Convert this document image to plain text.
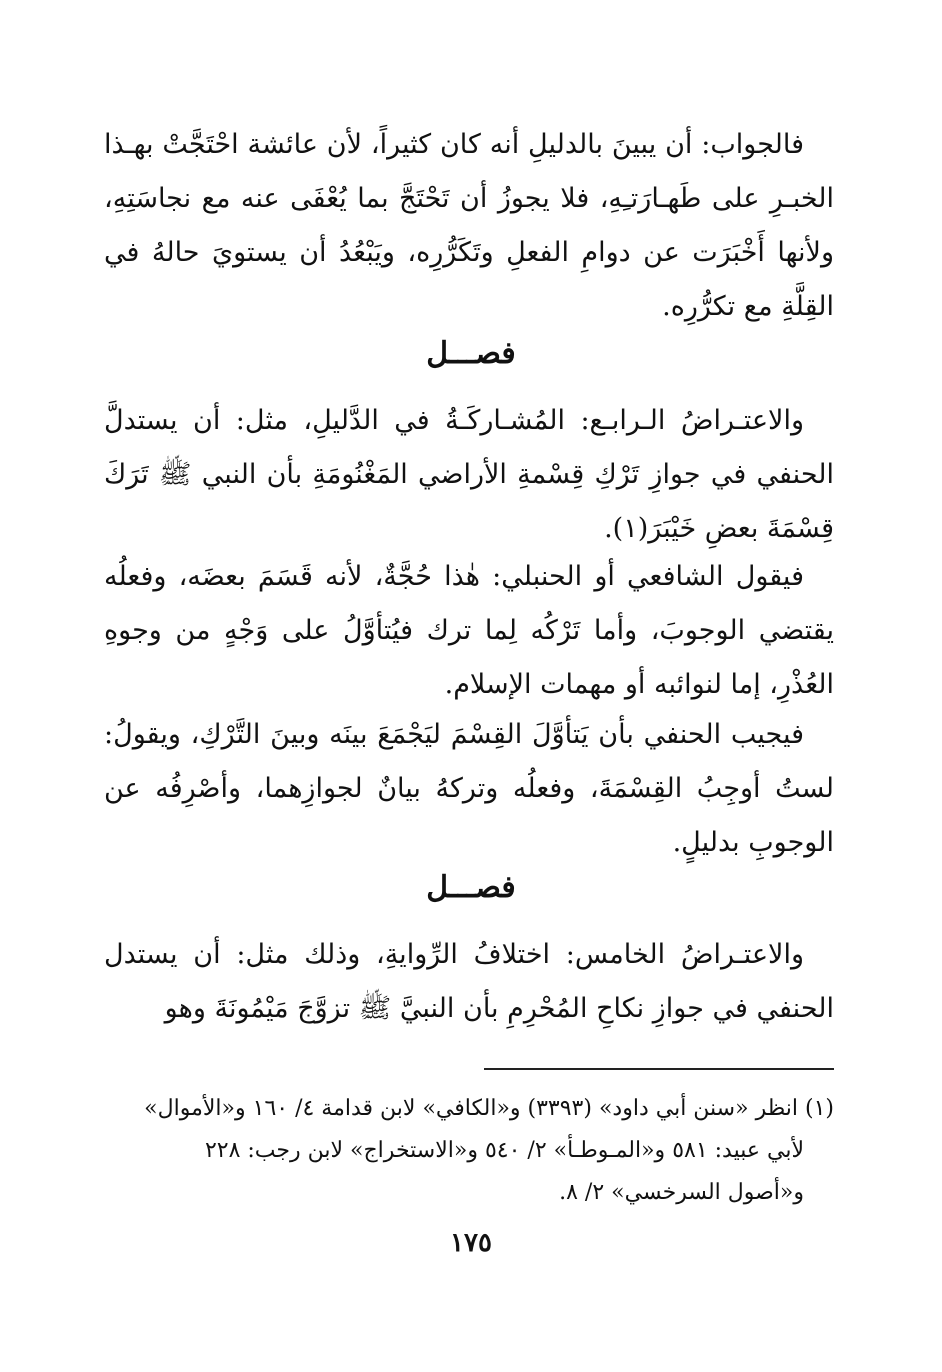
فالجواب: أن يبينَ بالدليلِ أنه كان كثيراً، لأن عائشة احْتَجَّتْ بهـذا الخبـرِ على طَهـارَتـِهِ، فلا يجوزُ أن تَحْتَجَّ بما يُعْفَى عنه مع نجاسَتِهِ، ولأنها أَخْبَرَت عن دوامِ الفعلِ وتَكَرُّرِه، ويَبْعُدُ أن يستويَ حالهُ في القِلَّةِ مع تكرُّرِه.

فصـــل

والاعتـراضُ الـرابـع: المُشـاركَـةُ في الدَّليلِ، مثل: أن يستدلَّ الحنفي في جوازِ تَرْكِ قِسْمةِ الأراضي المَغْنُومَةِ بأن النبي ﷺ تَرَكَ قِسْمَةَ بعضِ خَيْبَرَ(١).

فيقول الشافعي أو الحنبلي: هٰذا حُجَّةٌ، لأنه قَسَمَ بعضَه، وفعلُه يقتضي الوجوبَ، وأما تَرْكُه لِما ترك فيُتأوَّلُ على وَجْهٍ من وجوهِ العُذْرِ، إما لنوائبه أو مهمات الإسلام.

فيجيب الحنفي بأن يَتأوَّلَ القِسْمَ ليَجْمَعَ بينَه وبينَ التَّرْكِ، ويقولُ: لستُ أوجِبُ القِسْمَةَ، وفعلُه وتركهُ بيانٌ لجوازِهما، وأصْرِفُه عن الوجوبِ بدليلٍ.

فصـــل

والاعتـراضُ الخامس: اختلافُ الرِّوايةِ، وذلك مثل: أن يستدل الحنفي في جوازِ نكاحِ المُحْرِمِ بأن النبيَّ ﷺ تزوَّجَ مَيْمُونَةَ وهو

(١) انظر «سنن أبي داود» (٣٣٩٣) و«الكافي» لابن قدامة ٤/ ١٦٠ و«الأموال»

لأبي عبيد: ٥٨١ و«المـوطـأ» ٢/ ٥٤٠ و«الاستخراج» لابن رجب: ٢٢٨

و«أصول السرخسي» ٢/ ٨.

١٧٥
